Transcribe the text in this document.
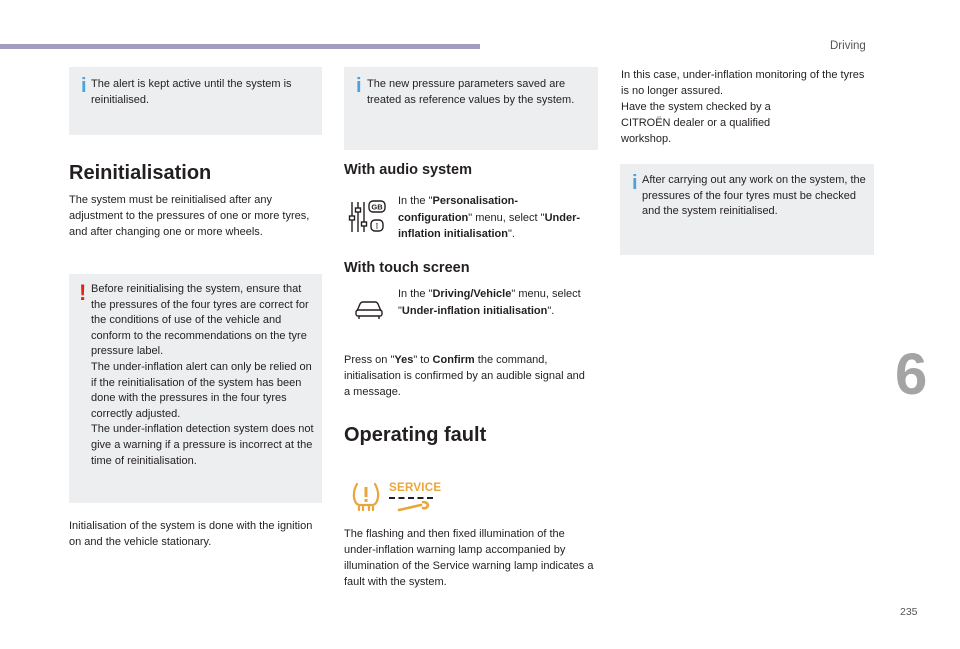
Driving
i The alert is kept active until the system is reinitialised.

Reinitialisation

The system must be reinitialised after any adjustment to the pressures of one or more tyres, and after changing one or more wheels.

! Before reinitialising the system, ensure that the pressures of the four tyres are correct for the conditions of use of the vehicle and conform to the recommendations on the tyre pressure label.

The under-inflation alert can only be relied on if the reinitialisation of the system has been done with the pressures in the four tyres correctly adjusted.

The under-inflation detection system does not give a warning if a pressure is incorrect at the time of reinitialisation.

Initialisation of the system is done with the ignition on and the vehicle stationary.

i The new pressure parameters saved are treated as reference values by the system.

With audio system
GB
I

In the "Personalisation-configuration" menu, select "Under-inflation initialisation".

With touch screen

In the "Driving/Vehicle" menu, select "Under-inflation initialisation".

Press on "Yes" to Confirm the command, initialisation is confirmed by an audible signal and a message.

Operating fault
SERVICE

The flashing and then fixed illumination of the under-inflation warning lamp accompanied by illumination of the Service warning lamp indicates a fault with the system.

In this case, under-inflation monitoring of the tyres is no longer assured.

Have the system checked by a CITROËN dealer or a qualified workshop.

i After carrying out any work on the system, the pressures of the four tyres must be checked and the system reinitialised.

6
235
